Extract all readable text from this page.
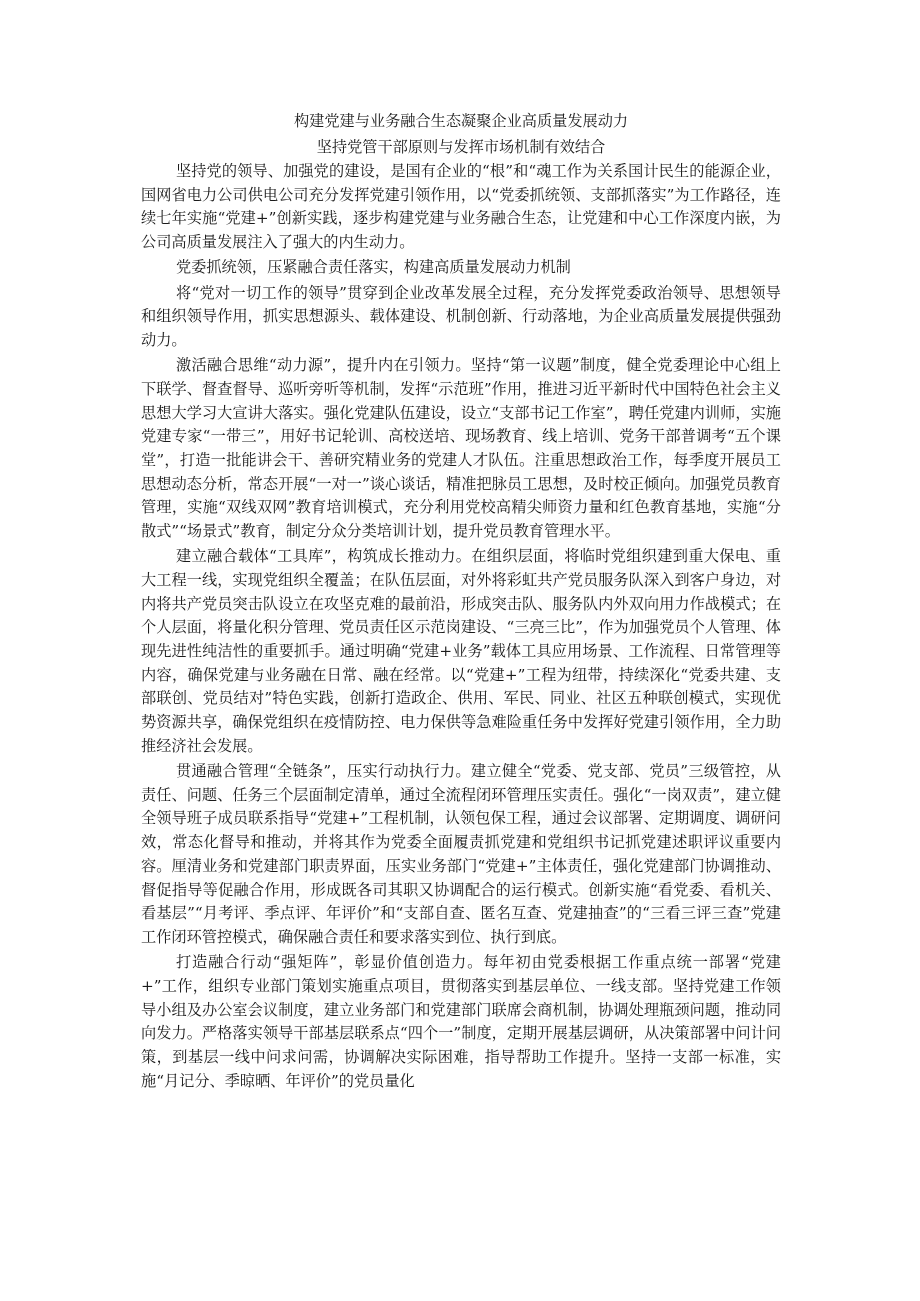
构建党建与业务融合生态凝聚企业高质量发展动力
坚持党管干部原则与发挥市场机制有效结合

坚持党的领导、加强党的建设，是国有企业的“根”和“魂工作为关系国计民生的能源企业，国网省电力公司供电公司充分发挥党建引领作用，以“党委抓统领、支部抓落实”为工作路径，连续七年实施“党建+”创新实践，逐步构建党建与业务融合生态，让党建和中心工作深度内嵌，为公司高质量发展注入了强大的内生动力。

党委抓统领，压紧融合责任落实，构建高质量发展动力机制

将“党对一切工作的领导”贯穿到企业改革发展全过程，充分发挥党委政治领导、思想领导和组织领导作用，抓实思想源头、载体建设、机制创新、行动落地，为企业高质量发展提供强劲动力。

激活融合思维“动力源”，提升内在引领力。坚持“第一议题”制度，健全党委理论中心组上下联学、督查督导、巡听旁听等机制，发挥“示范班”作用，推进习近平新时代中国特色社会主义思想大学习大宣讲大落实。强化党建队伍建设，设立“支部书记工作室”，聘任党建内训师，实施党建专家“一带三”，用好书记轮训、高校送培、现场教育、线上培训、党务干部普调考“五个课堂”，打造一批能讲会干、善研究精业务的党建人才队伍。注重思想政治工作，每季度开展员工思想动态分析，常态开展“一对一”谈心谈话，精准把脉员工思想，及时校正倾向。加强党员教育管理，实施“双线双网”教育培训模式，充分利用党校高精尖师资力量和红色教育基地，实施“分散式”“场景式”教育，制定分众分类培训计划，提升党员教育管理水平。

建立融合载体“工具库”，构筑成长推动力。在组织层面，将临时党组织建到重大保电、重大工程一线，实现党组织全覆盖；在队伍层面，对外将彩虹共产党员服务队深入到客户身边，对内将共产党员突击队设立在攻坚克难的最前沿，形成突击队、服务队内外双向用力作战模式；在个人层面，将量化积分管理、党员责任区示范岗建设、“三亮三比”，作为加强党员个人管理、体现先进性纯洁性的重要抓手。通过明确“党建+业务”载体工具应用场景、工作流程、日常管理等内容，确保党建与业务融在日常、融在经常。以“党建+”工程为纽带，持续深化“党委共建、支部联创、党员结对”特色实践，创新打造政企、供用、军民、同业、社区五种联创模式，实现优势资源共享，确保党组织在疫情防控、电力保供等急难险重任务中发挥好党建引领作用，全力助推经济社会发展。

贯通融合管理“全链条”，压实行动执行力。建立健全“党委、党支部、党员”三级管控，从责任、问题、任务三个层面制定清单，通过全流程闭环管理压实责任。强化“一岗双责”，建立健全领导班子成员联系指导“党建+”工程机制，认领包保工程，通过会议部署、定期调度、调研问效，常态化督导和推动，并将其作为党委全面履责抓党建和党组织书记抓党建述职评议重要内容。厘清业务和党建部门职责界面，压实业务部门“党建+”主体责任，强化党建部门协调推动、督促指导等促融合作用，形成既各司其职又协调配合的运行模式。创新实施“看党委、看机关、看基层”“月考评、季点评、年评价”和“支部自查、匿名互查、党建抽查”的“三看三评三查”党建工作闭环管控模式，确保融合责任和要求落实到位、执行到底。

打造融合行动“强矩阵”，彰显价值创造力。每年初由党委根据工作重点统一部署“党建+”工作，组织专业部门策划实施重点项目，贯彻落实到基层单位、一线支部。坚持党建工作领导小组及办公室会议制度，建立业务部门和党建部门联席会商机制，协调处理瓶颈问题，推动同向发力。严格落实领导干部基层联系点“四个一”制度，定期开展基层调研，从决策部署中问计问策，到基层一线中问求问需，协调解决实际困难，指导帮助工作提升。坚持一支部一标准，实施“月记分、季晾晒、年评价”的党员量化
